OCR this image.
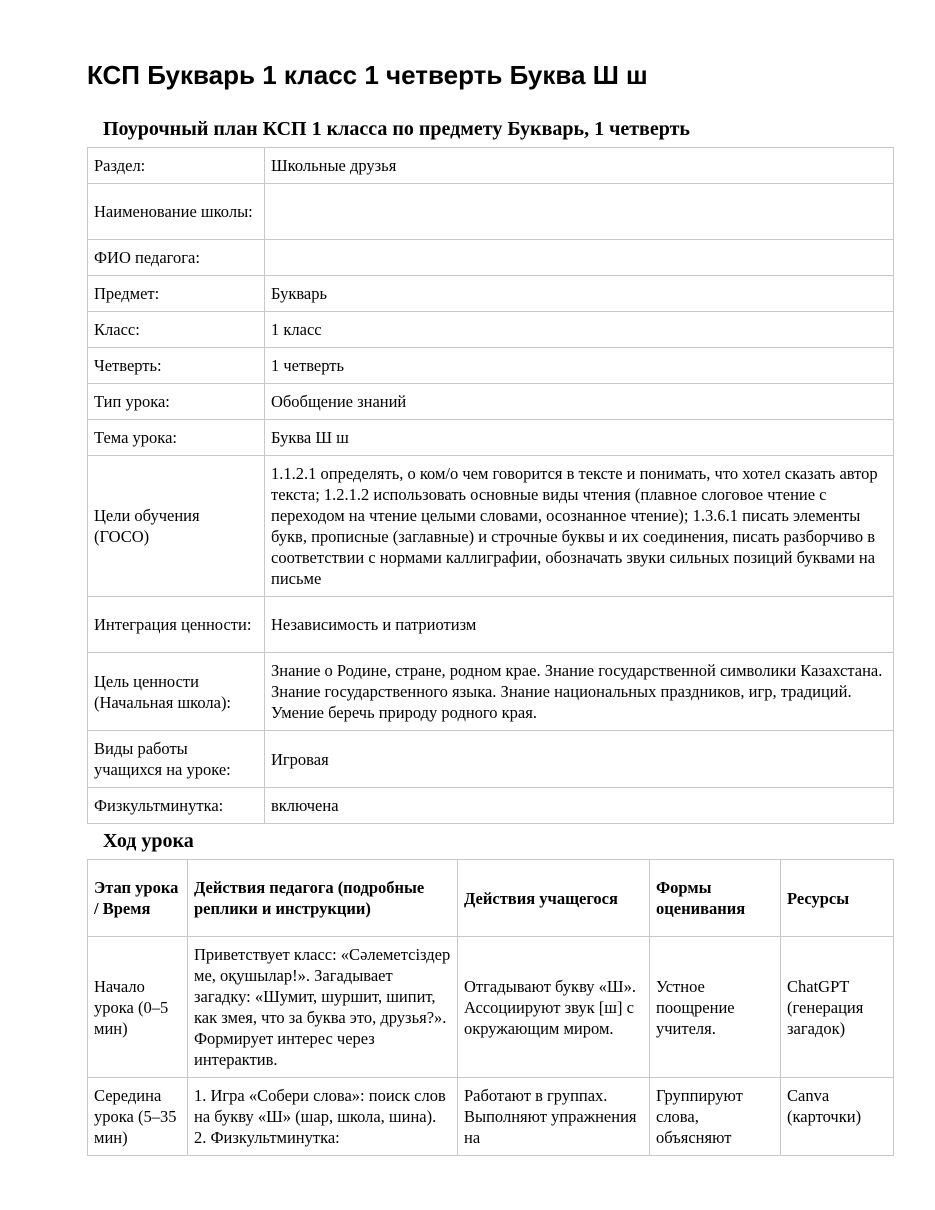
КСП Букварь 1 класс 1 четверть Буква Ш ш
Поурочный план КСП 1 класса по предмету Букварь, 1 четверть
Раздел:	Школьные друзья
Наименование школы:	
ФИО педагога:	
Предмет:	Букварь
Класс:	1 класс
Четверть:	1 четверть
Тип урока:	Обобщение знаний
Тема урока:	Буква Ш ш
Цели обучения (ГОСО)	1.1.2.1 определять, о ком/о чем говорится в тексте и понимать, что хотел сказать автор текста; 1.2.1.2 использовать основные виды чтения (плавное слоговое чтение с переходом на чтение целыми словами, осознанное чтение); 1.3.6.1 писать элементы букв, прописные (заглавные) и строчные буквы и их соединения, писать разборчиво в соответствии с нормами каллиграфии, обозначать звуки сильных позиций буквами на письме
Интеграция ценности:	Независимость и патриотизм
Цель ценности (Начальная школа):	Знание о Родине, стране, родном крае. Знание государственной символики Казахстана. Знание государственного языка. Знание национальных праздников, игр, традиций. Умение беречь природу родного края.
Виды работы учащихся на уроке:	Игровая
Физкультминутка:	включена
Ход урока
Этап урока / Время	Действия педагога (подробные реплики и инструкции)	Действия учащегося	Формы оценивания	Ресурсы
Начало урока (0–5 мин)	Приветствует класс: «Сәлеметсіздер ме, оқушылар!». Загадывает загадку: «Шумит, шуршит, шипит, как змея, что за буква это, друзья?». Формирует интерес через интерактив.	Отгадывают букву «Ш». Ассоциируют звук [ш] с окружающим миром.	Устное поощрение учителя.	ChatGPT (генерация загадок)

Середина урока (5–35 мин)	1. Игра «Собери слова»: поиск слов на букву «Ш» (шар, школа, шина). 2. Физкультминутка:	Работают в группах. Выполняют упражнения на	Группируют слова, объясняют	Canva (карточки)
